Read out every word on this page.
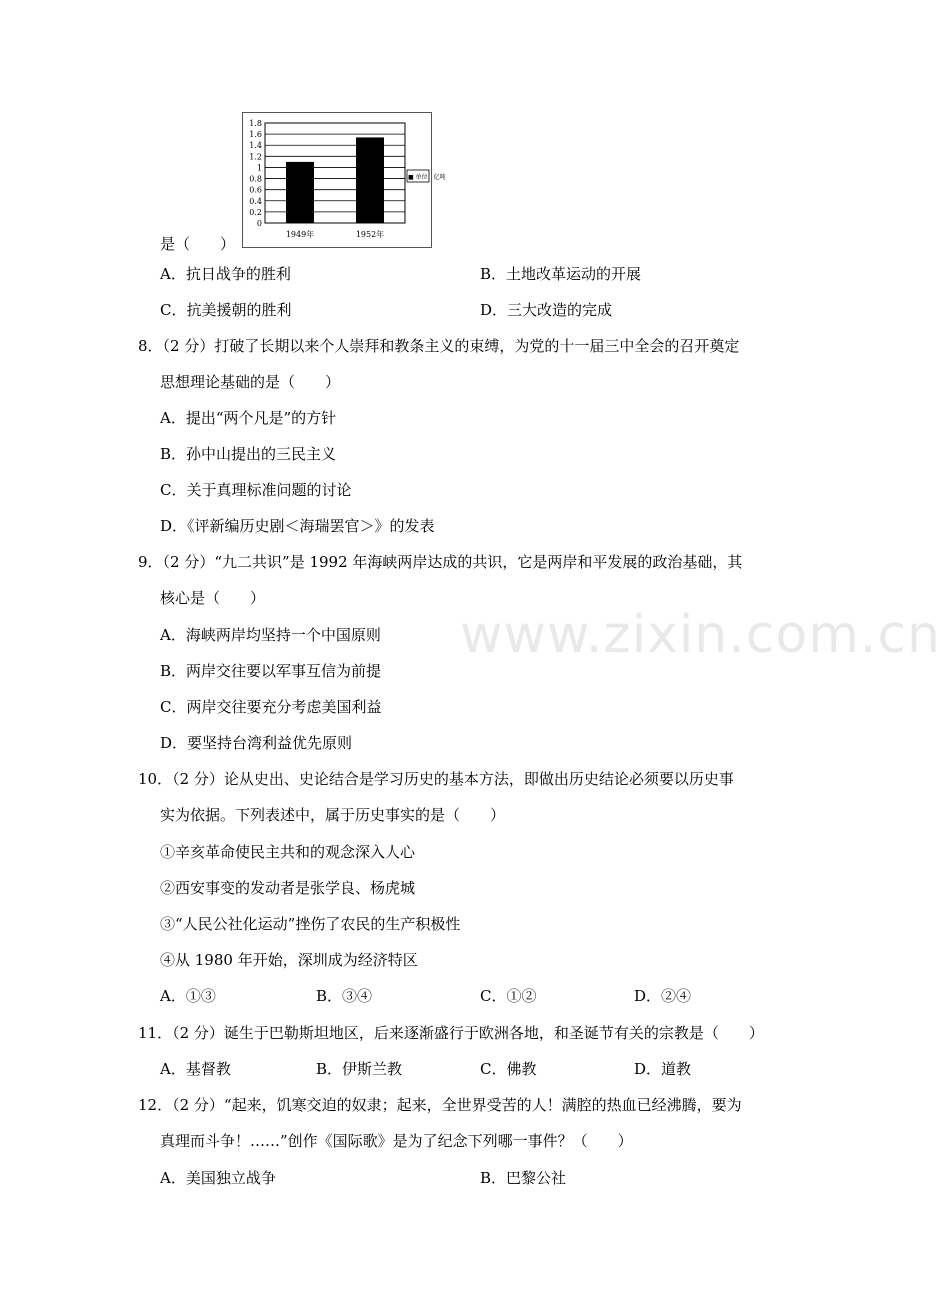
1.8
1.6
1.4
1.2
1
0.8
0.6
0.4
0.2
0
1949年	1952年
■ 单位：亿吨
是（　　）
A．抗日战争的胜利	B．土地改革运动的开展
C．抗美援朝的胜利	D．三大改造的完成
8．（2 分）打破了长期以来个人崇拜和教条主义的束缚，为党的十一届三中全会的召开奠定
思想理论基础的是（　　）
A．提出“两个凡是”的方针
B．孙中山提出的三民主义
C．关于真理标准问题的讨论
D．《评新编历史剧＜海瑞罢官＞》的发表
www.zixin.com.cn
9．（2 分）“九二共识”是 1992 年海峡两岸达成的共识，它是两岸和平发展的政治基础，其
核心是（　　）
A．海峡两岸均坚持一个中国原则
B．两岸交往要以军事互信为前提
C．两岸交往要充分考虑美国利益
D．要坚持台湾利益优先原则
10．（2 分）论从史出、史论结合是学习历史的基本方法，即做出历史结论必须要以历史事
实为依据。下列表述中，属于历史事实的是（　　）
①辛亥革命使民主共和的观念深入人心
②西安事变的发动者是张学良、杨虎城
③“人民公社化运动”挫伤了农民的生产积极性
④从 1980 年开始，深圳成为经济特区
A．①③	B．③④	C．①②	D．②④
11．（2 分）诞生于巴勒斯坦地区，后来逐渐盛行于欧洲各地，和圣诞节有关的宗教是（　　）
A．基督教	B．伊斯兰教	C．佛教	D．道教
12．（2 分）“起来，饥寒交迫的奴隶；起来，全世界受苦的人！满腔的热血已经沸腾，要为
真理而斗争！……”创作《国际歌》是为了纪念下列哪一事件？（　　）
A．美国独立战争	B．巴黎公社
